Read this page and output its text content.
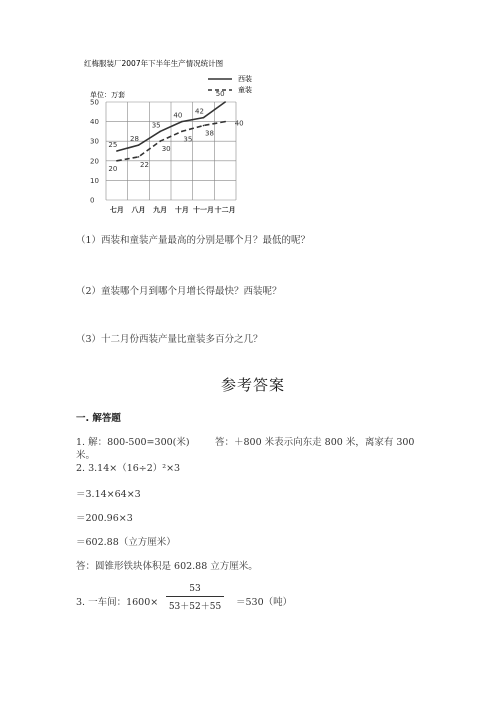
红梅服装厂2007年下半年生产情况统计图
单位：万套
0
10
20
30
40
50
七月 八月 九月 十月 十一月 十二月
25
28
35
40 42
50
20	22
30
35
38
40
西装
童装
（1）西装和童装产量最高的分别是哪个月？最低的呢？
（2）童装哪个月到哪个月增长得最快？西装呢？
（3）十二月份西装产量比童装多百分之几？
参考答案
一. 解答题
1. 解：800-500=300(米)	答：＋800 米表示向东走 800 米，离家有 300
米。
2. 3.14×（16÷2）²×3
＝3.14×64×3
＝200.96×3
＝602.88（立方厘米）
答：圆锥形铁块体积是 602.88 立方厘米。
3. 一车间：1600×
53
53＋52＋55 ＝530（吨）
